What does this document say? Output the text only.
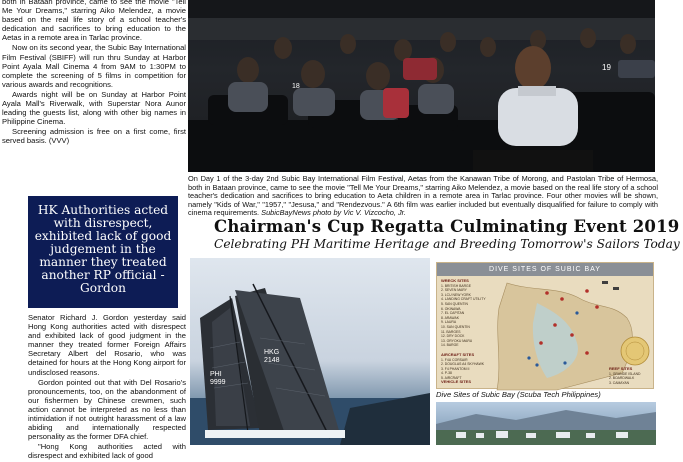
both in Bataan province, came to see the movie "Tell Me Your Dreams," starring Aiko Melendez, a movie based on the real life story of a school teacher's dedication and sacrifices to bring education to the Aetas in a remote area in Tarlac province.

Now on its second year, the Subic Bay International Film Festival (SBIFF) will run thru Sunday at Harbor Point Ayala Mall Cinema 4 from 9AM to 1:30PM to complete the screening of 5 films in competition for various awards and recognitions.

Awards night will be on Sunday at Harbor Point Ayala Mall's Riverwalk, with Superstar Nora Aunor leading the guests list, along with other big names in Philippine Cinema.

Screening admission is free on a first come, first served basis. (VVV)

HK Authorities acted with disrespect, exhibited lack of good judgement in the manner they treated another RP official - Gordon

Senator Richard J. Gordon yesterday said Hong Kong authorities acted with disrespect and exhibited lack of good judgment in the manner they treated former Foreign Affairs Secretary Albert del Rosario, who was detained for hours at the Hong Kong airport for undisclosed reasons.

Gordon pointed out that with Del Rosario's pronouncements, too, on the abandonment of our fishermen by Chinese crewmen, such action cannot be interpreted as no less than intimidation if not outright harassment of a law abiding and internationally respected personality as the former DFA chief.

"Hong Kong authorities acted with disrespect and exhibited lack of good

19
18
On Day 1 of the 3-day 2nd Subic Bay International Film Festival, Aetas from the Kanawan Tribe of Morong, and Pastolan Tribe of Hermosa, both in Bataan province, came to see the movie "Tell Me Your Dreams," starring Aiko Melendez, a movie based on the real life story of a school teacher's dedication and sacrifices to bring education to Aeta children in a remote area in Tarlac province. Four other movies will be shown, namely "Kids of War," "1957," "Jesusa," and "Rendezvous." A 6th film was earlier included but eventually disqualified for failure to comply with cinema requirements. SubicBayNews photo by Vic V. Vizcocho, Jr.
Chairman's Cup Regatta Culminating Event 2019
Celebrating PH Maritime Heritage and Breeding Tomorrow's Sailors Today
PHI 9999
HKG 2148
DIVE SITES OF SUBIC BAY
WRECK SITES
1. BRITISH BARGE
2. SEVEN MARY
3. LCU NEW YORK
4. LANDING CRAFT UTILITY
5. SAN QUENTIN
6. OKINAWA
7. EL CAPITAN
8. ARAWAK
9. LAURA
10. SAN QUENTIN
11. BARGES
12. DRY DOCK
13. ORYOKU MARU
14. BARGE
AIRCRAFT SITES
1. F4U CORSAIR
2. DOUGLAS A4 SKYHAWK
3. F4 PHANTOM II
4. P-38
5. AIRCRAFT
VEHICLE SITES
REEF SITES
1. GRANDE ISLAND
2. BOARDWALK
3. CAMAYAN
Dive Sites of Subic Bay (Scuba Tech Philippines)
